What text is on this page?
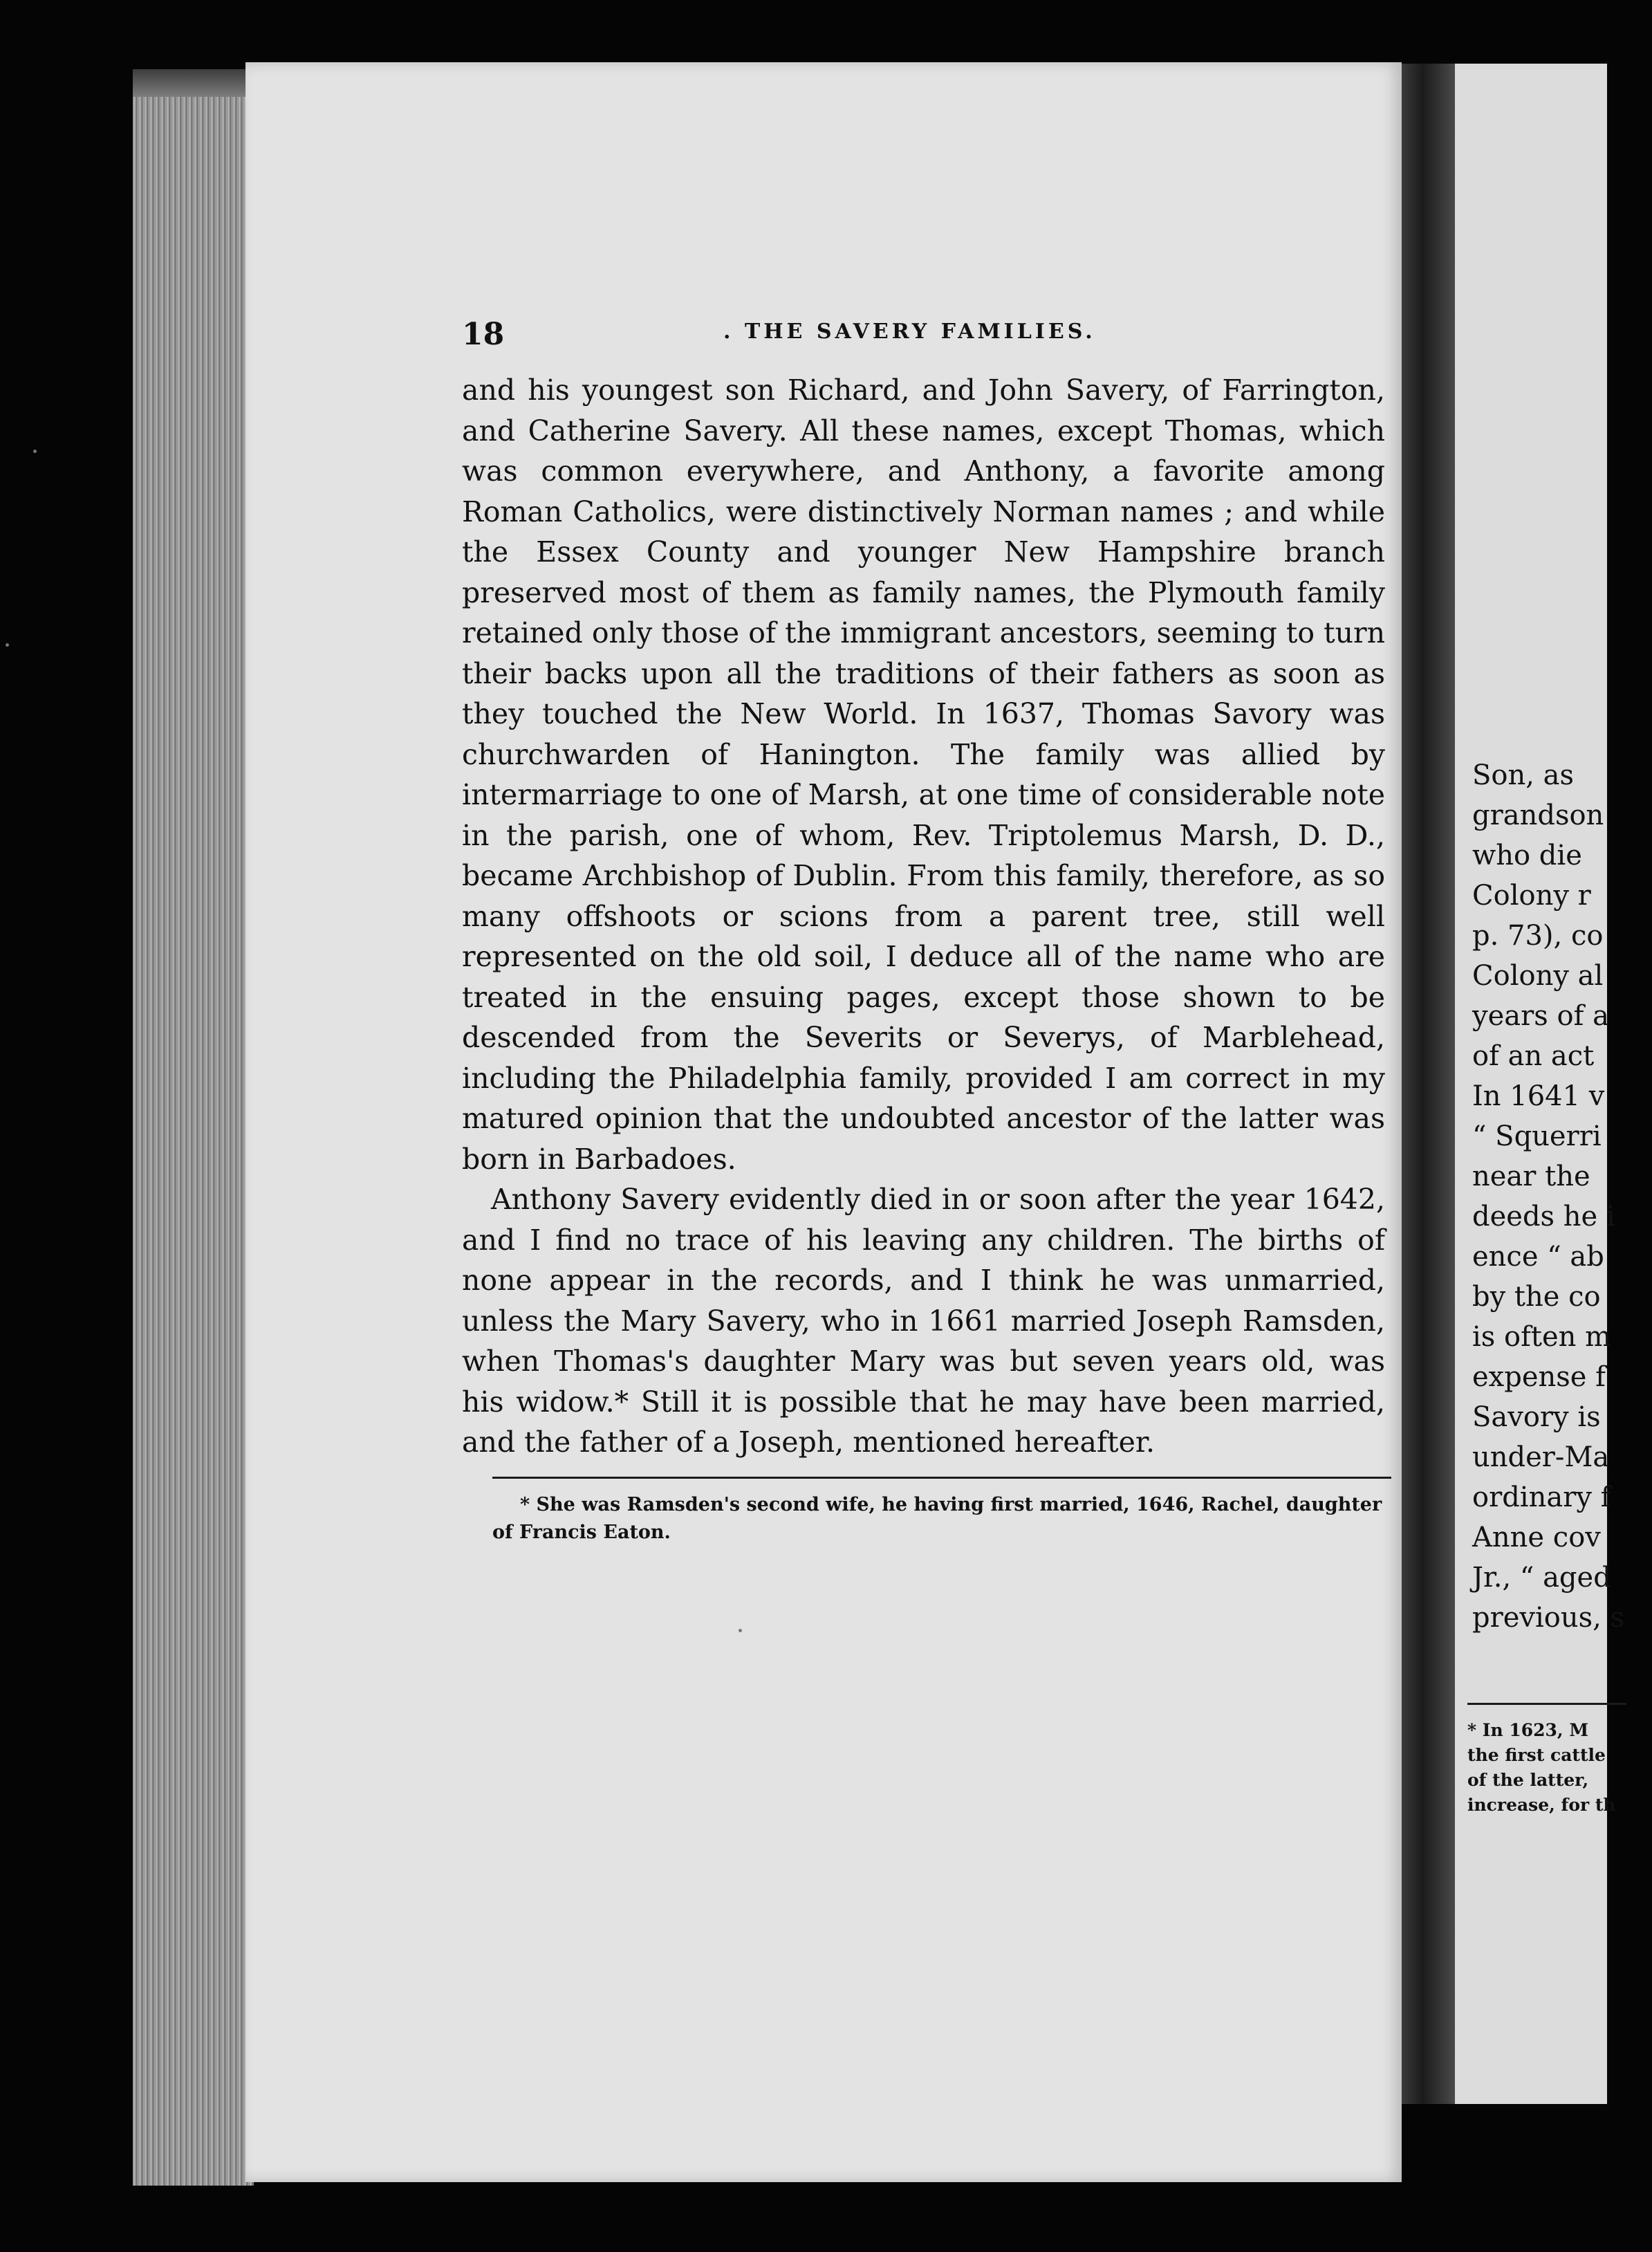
18	. THE SAVERY FAMILIES.

and his youngest son Richard, and John Savery, of Farrington, and Catherine Savery. All these names, except Thomas, which was common everywhere, and Anthony, a favorite among Roman Catholics, were distinctively Norman names ; and while the Essex County and younger New Hampshire branch preserved most of them as family names, the Plymouth family retained only those of the immigrant ancestors, seeming to turn their backs upon all the traditions of their fathers as soon as they touched the New World. In 1637, Thomas Savory was churchwarden of Hanington. The family was allied by intermarriage to one of Marsh, at one time of considerable note in the parish, one of whom, Rev. Triptolemus Marsh, D. D., became Archbishop of Dublin. From this family, therefore, as so many offshoots or scions from a parent tree, still well represented on the old soil, I deduce all of the name who are treated in the ensuing pages, except those shown to be descended from the Severits or Severys, of Marblehead, including the Philadelphia family, provided I am correct in my matured opinion that the undoubted ancestor of the latter was born in Barbadoes.

Anthony Savery evidently died in or soon after the year 1642, and I find no trace of his leaving any children. The births of none appear in the records, and I think he was unmarried, unless the Mary Savery, who in 1661 married Joseph Ramsden, when Thomas's daughter Mary was but seven years old, was his widow.* Still it is possible that he may have been married, and the father of a Joseph, mentioned hereafter.

* She was Ramsden's second wife, he having first married, 1646, Rachel, daughter of Francis Eaton.

Son, as
grandson
who die
Colony r
p. 73), co
Colony al
years of a
of an act
In 1641 v
“ Squerri
near the
deeds he i
ence “ ab
by the co
is often m
expense f
Savory is
under-Ma
ordinary f
Anne cov
Jr., “ aged
previous, s
* In 1623, M
the first cattle
of the latter,
increase, for th
